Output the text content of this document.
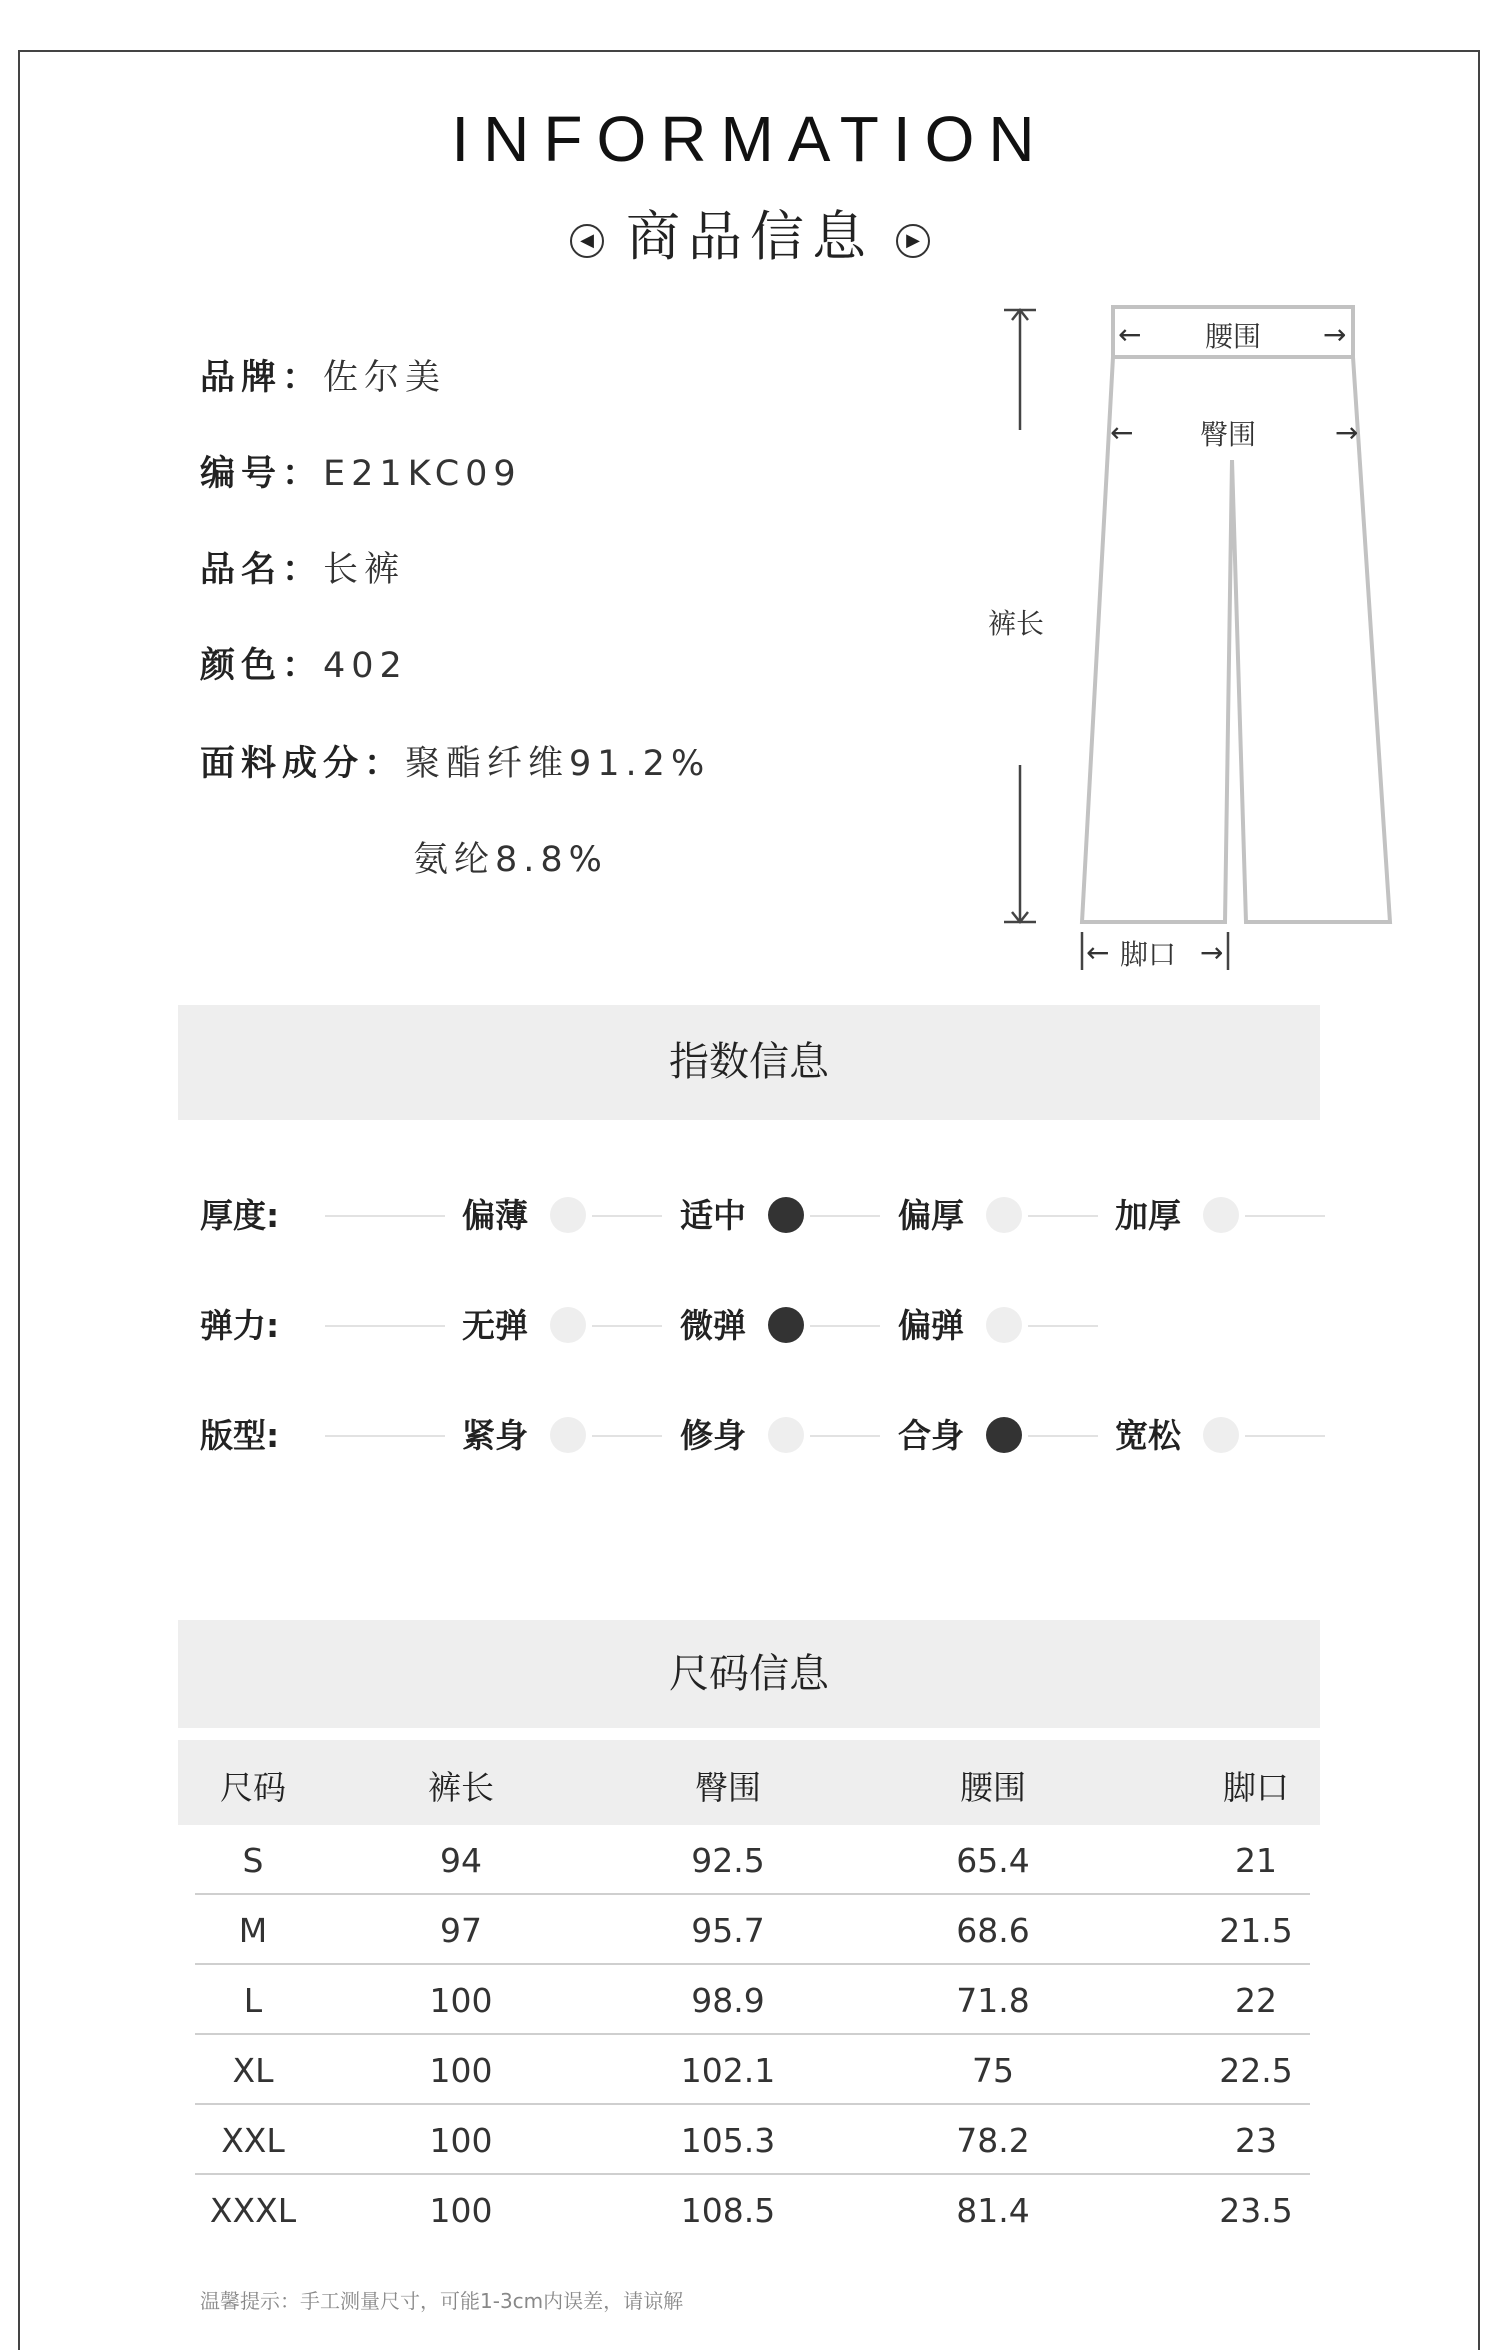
INFORMATION
◀ 商品信息 ▶
品牌：佐尔美
编号：E21KC09
品名：长裤
颜色：402
面料成分：聚酯纤维91.2%
氨纶8.8%
←	→
腰围
←	→
臀围
裤长
←	→
脚口
指数信息
厚度:	偏薄	适中	偏厚	加厚
弹力:	无弹	微弹	偏弹
版型:	紧身	修身	合身	宽松
尺码信息
尺码	裤长	臀围	腰围	脚口
S	94	92.5	65.4	21
M	97	95.7	68.6	21.5
L	100	98.9	71.8	22
XL	100	102.1	75	22.5
XXL	100	105.3	78.2	23
XXXL	100	108.5	81.4	23.5
温馨提示：手工测量尺寸，可能1-3cm内误差，请谅解
